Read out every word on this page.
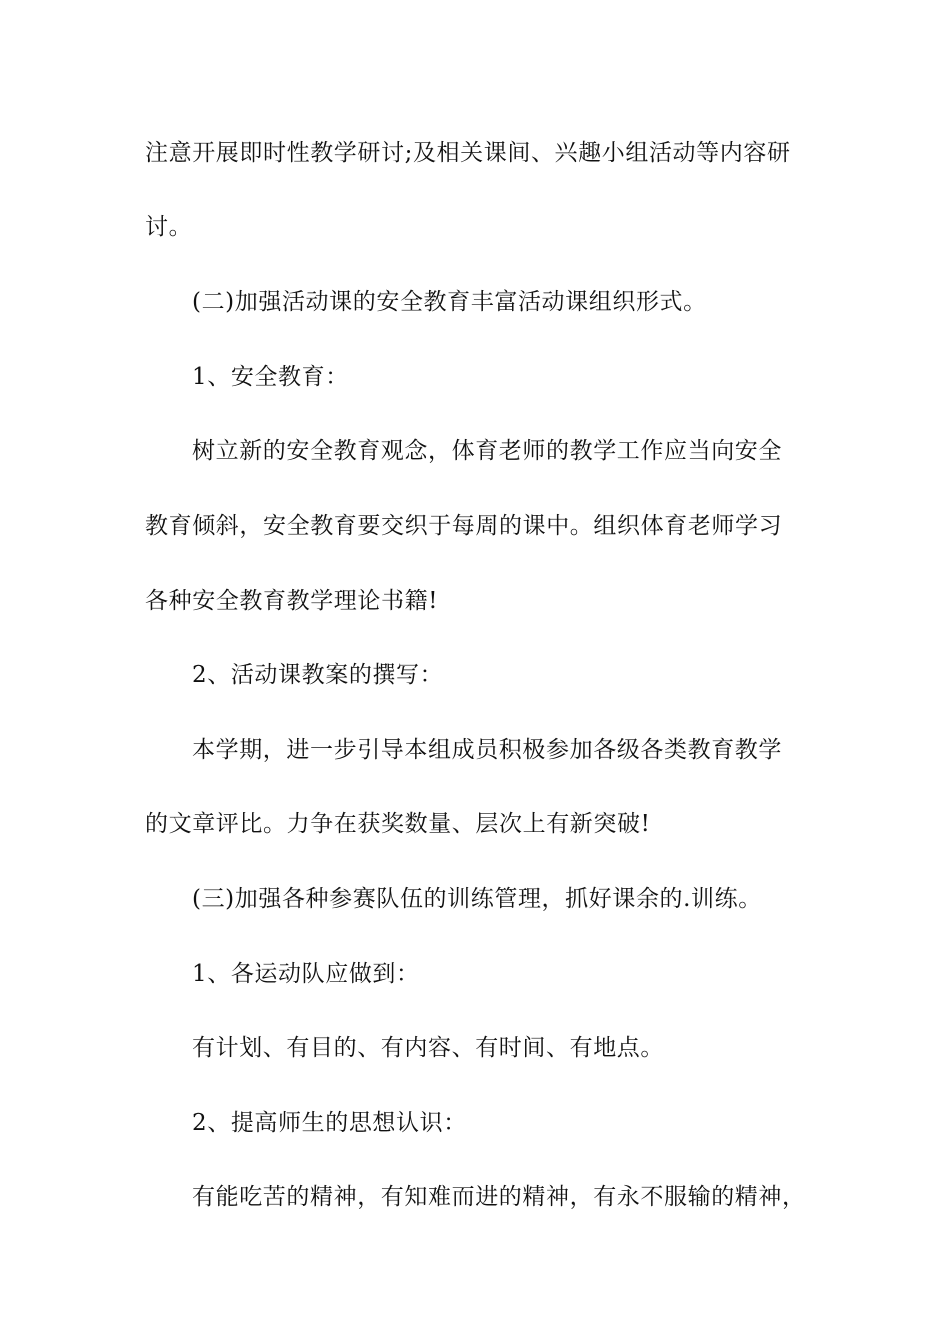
注意开展即时性教学研讨;及相关课间、兴趣小组活动等内容研
讨。
(二)加强活动课的安全教育丰富活动课组织形式。
1、安全教育：
树立新的安全教育观念，体育老师的教学工作应当向安全
教育倾斜，安全教育要交织于每周的课中。组织体育老师学习
各种安全教育教学理论书籍!
2、活动课教案的撰写：
本学期，进一步引导本组成员积极参加各级各类教育教学
的文章评比。力争在获奖数量、层次上有新突破!
(三)加强各种参赛队伍的训练管理，抓好课余的.训练。
1、各运动队应做到：
有计划、有目的、有内容、有时间、有地点。
2、提高师生的思想认识：
有能吃苦的精神，有知难而进的精神，有永不服输的精神，
